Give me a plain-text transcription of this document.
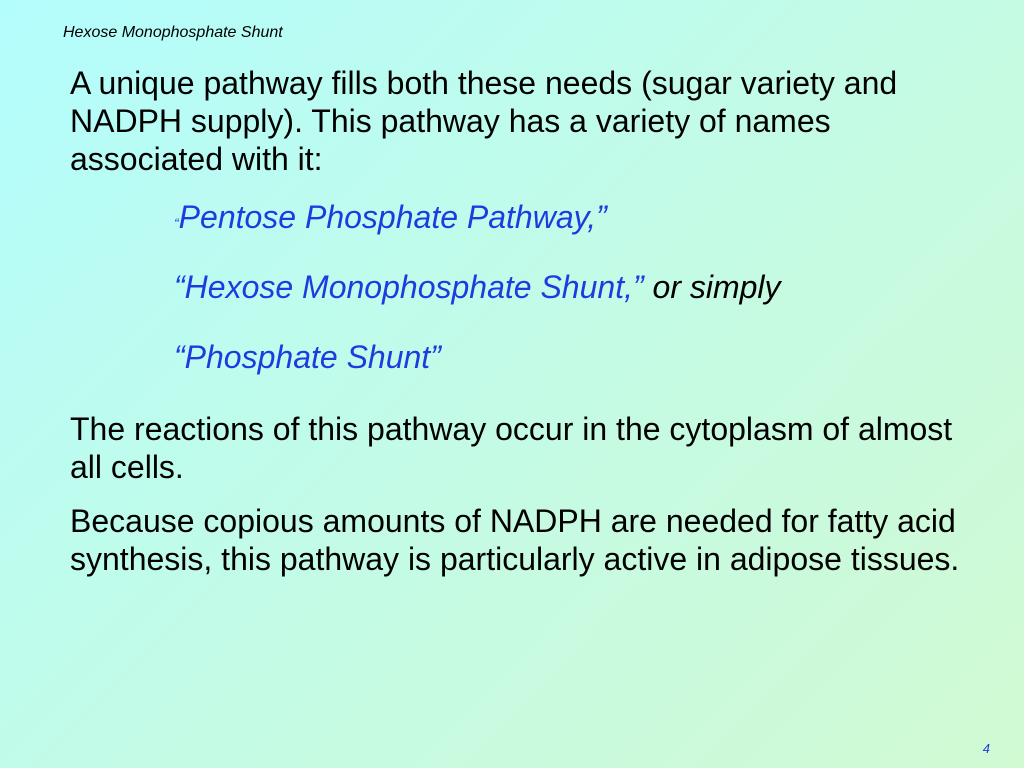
Hexose Monophosphate Shunt

A unique pathway fills both these needs (sugar variety and NADPH supply). This pathway has a variety of names associated with it:

“Pentose Phosphate Pathway,”
“Hexose Monophosphate Shunt,” or simply
“Phosphate Shunt”

The reactions of this pathway occur in the cytoplasm of almost all cells.

Because copious amounts of NADPH are needed for fatty acid synthesis, this pathway is particularly active in adipose tissues.

4
